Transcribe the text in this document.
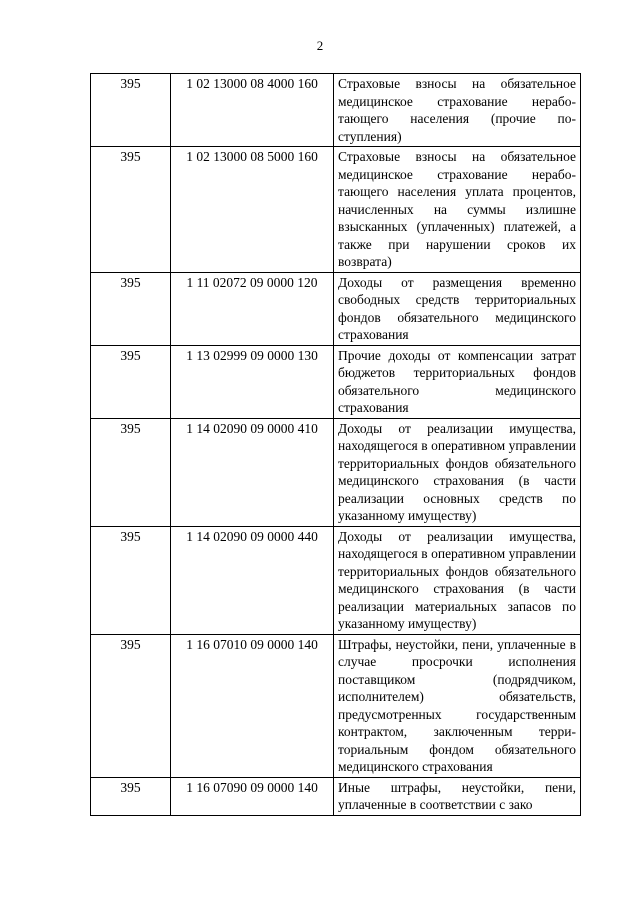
2
395	1 02 13000 08 4000 160	Страховые взносы на обязательное медицинское страхование неработающего населения (прочие поступления)
395	1 02 13000 08 5000 160	Страховые взносы на обязательное медицинское страхование неработающего населения уплата процентов, начисленных на суммы излишне взысканных (уплаченных) платежей, а также при нарушении сроков их возврата)
395	1 11 02072 09 0000 120	Доходы от размещения временно свободных средств территориальных фондов обязательного медицинского страхования
395	1 13 02999 09 0000 130	Прочие доходы от компенсации затрат бюджетов территориальных фондов обязательного медицинского страхования
395	1 14 02090 09 0000 410	Доходы от реализации имущества, находящегося в оперативном управлении территориальных фондов обязательного медицинского страхования (в части реализации основных средств по указанному имуществу)
395	1 14 02090 09 0000 440	Доходы от реализации имущества, находящегося в оперативном управлении территориальных фондов обязательного медицинского страхования (в части реализации материальных запасов по указанному имуществу)
395	1 16 07010 09 0000 140	Штрафы, неустойки, пени, уплаченные в случае просрочки исполнения поставщиком (подрядчиком, исполнителем) обязательств, предусмотренных государственным контрактом, заключенным территориальным фондом обязательного медицинского страхования
395	1 16 07090 09 0000 140	Иные штрафы, неустойки, пени, уплаченные в соответствии с зако
